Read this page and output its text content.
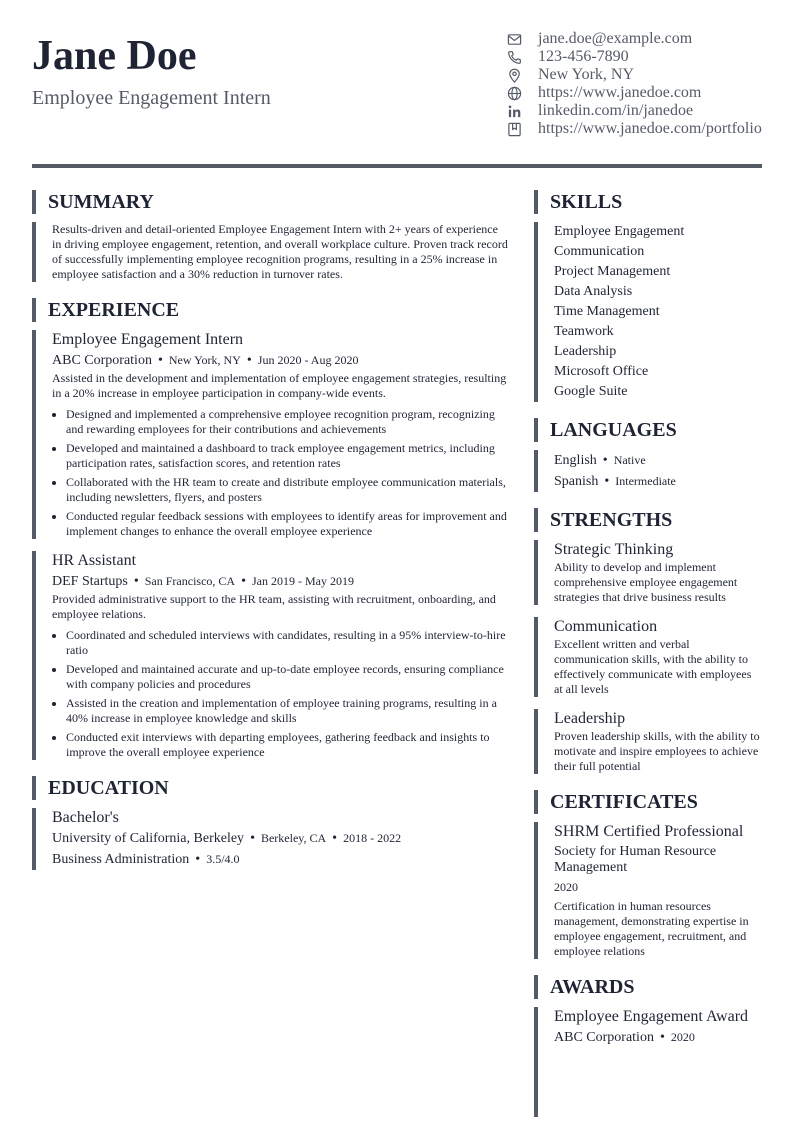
Jane Doe
Employee Engagement Intern
jane.doe@example.com
123-456-7890
New York, NY
https://www.janedoe.com
linkedin.com/in/janedoe
https://www.janedoe.com/portfolio
SUMMARY
Results-driven and detail-oriented Employee Engagement Intern with 2+ years of experience in driving employee engagement, retention, and overall workplace culture. Proven track record of successfully implementing employee recognition programs, resulting in a 25% increase in employee satisfaction and a 30% reduction in turnover rates.
EXPERIENCE
Employee Engagement Intern
ABC Corporation • New York, NY • Jun 2020 - Aug 2020
Assisted in the development and implementation of employee engagement strategies, resulting in a 20% increase in employee participation in company-wide events.
• Designed and implemented a comprehensive employee recognition program, recognizing and rewarding employees for their contributions and achievements
• Developed and maintained a dashboard to track employee engagement metrics, including participation rates, satisfaction scores, and retention rates
• Collaborated with the HR team to create and distribute employee communication materials, including newsletters, flyers, and posters
• Conducted regular feedback sessions with employees to identify areas for improvement and implement changes to enhance the overall employee experience
HR Assistant
DEF Startups • San Francisco, CA • Jan 2019 - May 2019
Provided administrative support to the HR team, assisting with recruitment, onboarding, and employee relations.
• Coordinated and scheduled interviews with candidates, resulting in a 95% interview-to-hire ratio
• Developed and maintained accurate and up-to-date employee records, ensuring compliance with company policies and procedures
• Assisted in the creation and implementation of employee training programs, resulting in a 40% increase in employee knowledge and skills
• Conducted exit interviews with departing employees, gathering feedback and insights to improve the overall employee experience
EDUCATION
Bachelor's
University of California, Berkeley • Berkeley, CA • 2018 - 2022
Business Administration • 3.5/4.0
SKILLS
Employee Engagement
Communication
Project Management
Data Analysis
Time Management
Teamwork
Leadership
Microsoft Office
Google Suite
LANGUAGES
English • Native
Spanish • Intermediate
STRENGTHS
Strategic Thinking
Ability to develop and implement comprehensive employee engagement strategies that drive business results
Communication
Excellent written and verbal communication skills, with the ability to effectively communicate with employees at all levels
Leadership
Proven leadership skills, with the ability to motivate and inspire employees to achieve their full potential
CERTIFICATES
SHRM Certified Professional
Society for Human Resource Management
2020
Certification in human resources management, demonstrating expertise in employee engagement, recruitment, and employee relations
AWARDS
Employee Engagement Award
ABC Corporation • 2020
